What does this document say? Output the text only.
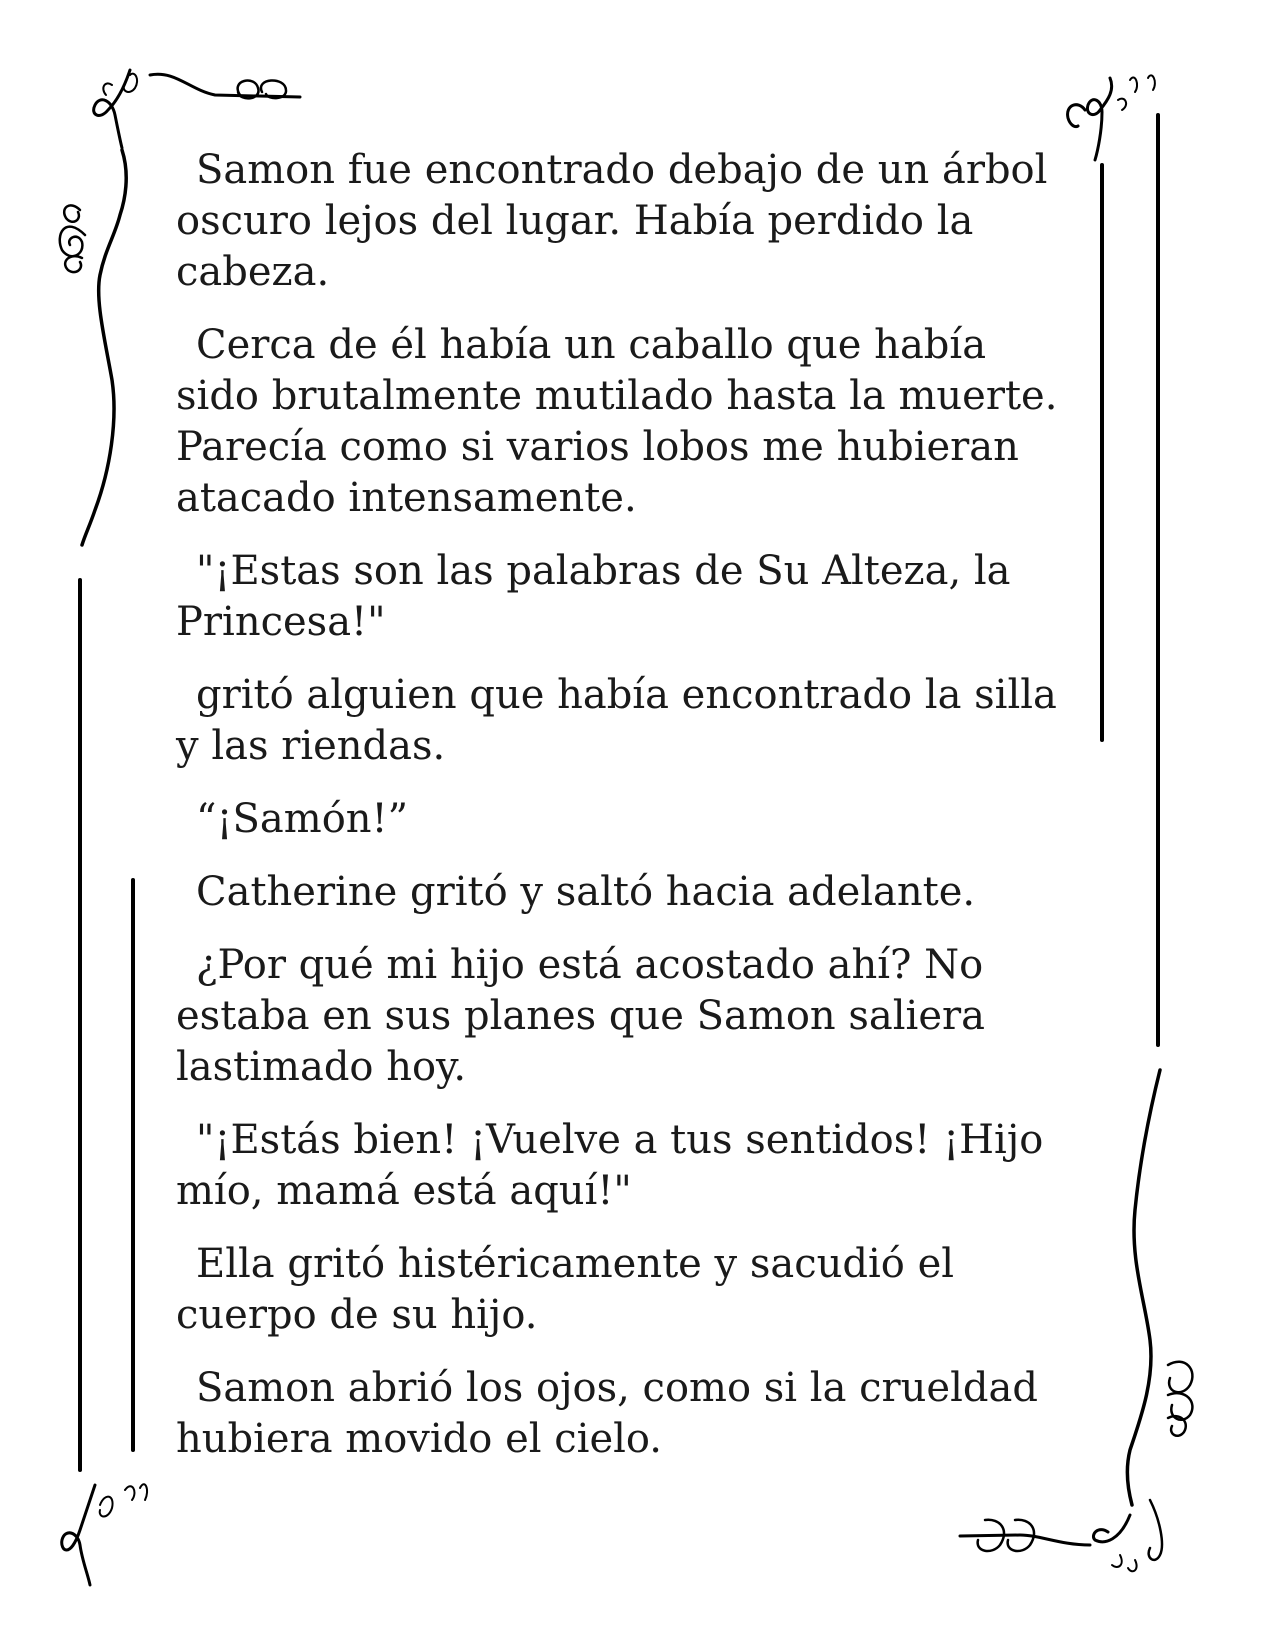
Samon fue encontrado debajo de un árbol oscuro lejos del lugar. Había perdido la cabeza.

Cerca de él había un caballo que había sido brutalmente mutilado hasta la muerte. Parecía como si varios lobos me hubieran atacado intensamente.

"¡Estas son las palabras de Su Alteza, la Princesa!"

gritó alguien que había encontrado la silla y las riendas.

“¡Samón!”

Catherine gritó y saltó hacia adelante.

¿Por qué mi hijo está acostado ahí? No estaba en sus planes que Samon saliera lastimado hoy.

"¡Estás bien! ¡Vuelve a tus sentidos! ¡Hijo mío, mamá está aquí!"

Ella gritó histéricamente y sacudió el cuerpo de su hijo.

Samon abrió los ojos, como si la crueldad hubiera movido el cielo.
